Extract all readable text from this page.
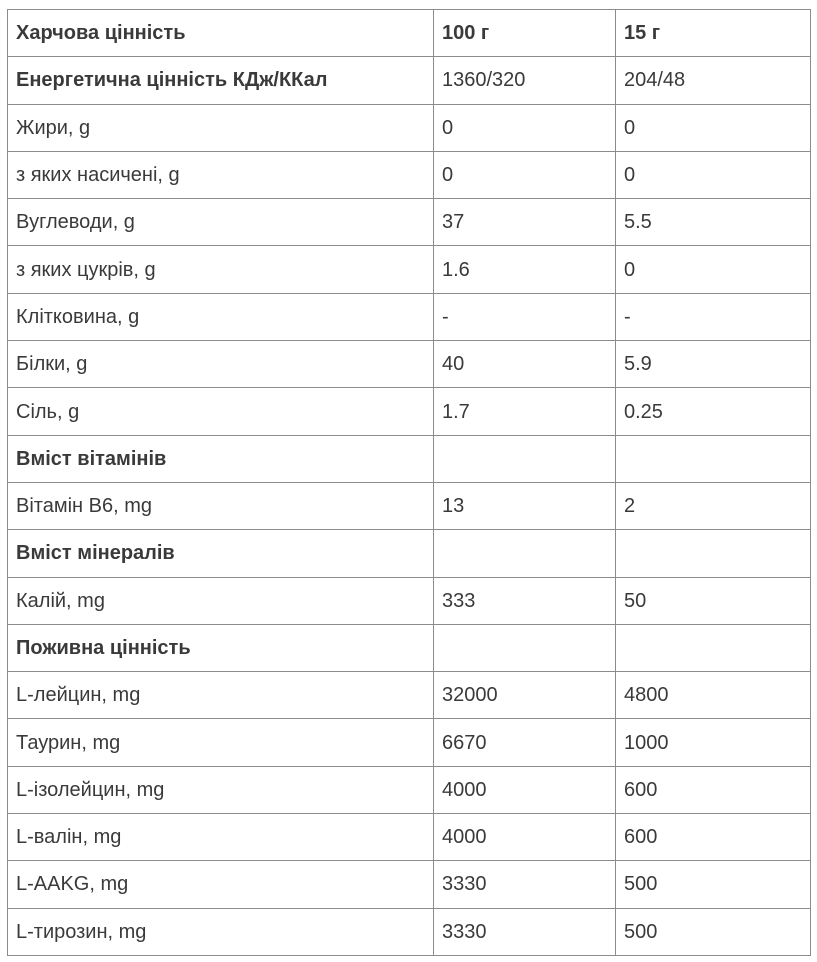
Харчова цінність	100 г	15 г
Енергетична цінність КДж/ККал	1360/320	204/48
Жири, g	0	0
з яких насичені, g	0	0
Вуглеводи, g	37	5.5
з яких цукрів, g	1.6	0
Клітковина, g	-	-
Білки, g	40	5.9
Сіль, g	1.7	0.25
Вміст вітамінів		
Вітамін B6, mg	13	2
Вміст мінералів		
Калій, mg	333	50
Поживна цінність		
L-лейцин, mg	32000	4800
Таурин, mg	6670	1000
L-ізолейцин, mg	4000	600
L-валін, mg	4000	600
L-AAKG, mg	3330	500
L-тирозин, mg	3330	500
